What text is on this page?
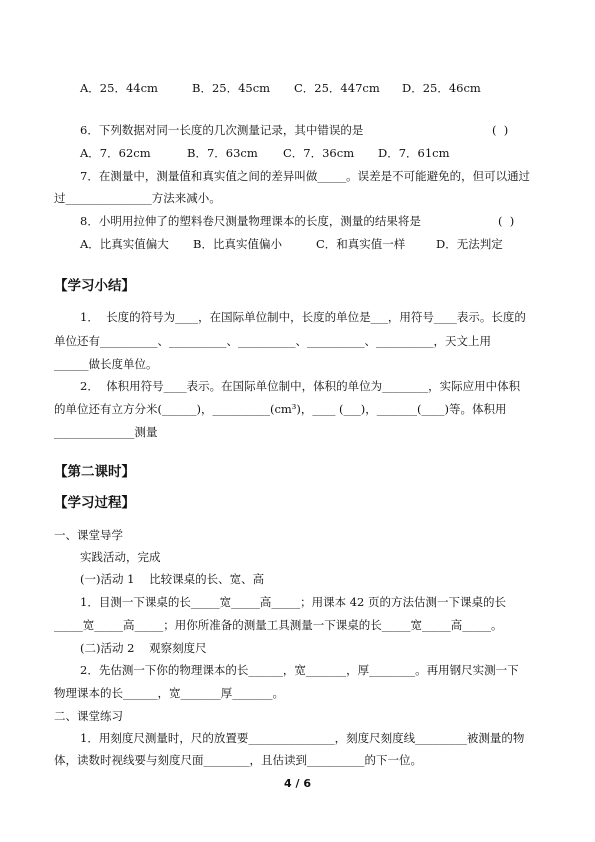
A．25．44cm	B．25．45cm C．25．447cm D．25．46cm
6．下列数据对同一长度的几次测量记录，其中错误的是	(  )
A．7．62cm	B．7．63cm C．7．36cm D．7．61cm
7．在测量中，测量值和真实值之间的差异叫做_____。误差是不可能避免的，但可以通过
过_______________方法来减小。
8．小明用拉伸了的塑料卷尺测量物理课本的长度，测量的结果将是	(  )
A．比真实值偏大 B．比真实值偏小	C．和真实值一样	D．无法判定
【学习小结】
1．  长度的符号为____，在国际单位制中，长度的单位是___，用符号____表示。长度的
单位还有__________、__________、__________、__________、__________，天文上用
______做长度单位。
2．  体积用符号____表示。在国际单位制中，体积的单位为________，实际应用中体积
的单位还有立方分米(______)，__________(cm³)，____ (___)，_______(____)等。体积用
______________测量
【第二课时】
【学习过程】
一、课堂导学
实践活动，完成
(一)活动 1    比较课桌的长、宽、高
1．目测一下课桌的长_____宽_____高_____；用课本 42 页的方法估测一下课桌的长
_____宽_____高_____；用你所准备的测量工具测量一下课桌的长_____宽_____高_____。
(二)活动 2    观察刻度尺
2．先估测一下你的物理课本的长______，宽_______，厚________。再用钢尺实测一下
物理课本的长______，宽_______厚_______。
二、课堂练习
1．用刻度尺测量时，尺的放置要_______________，刻度尺刻度线_________被测量的物
体，读数时视线要与刻度尺面________，且估读到__________的下一位。
4 / 6
